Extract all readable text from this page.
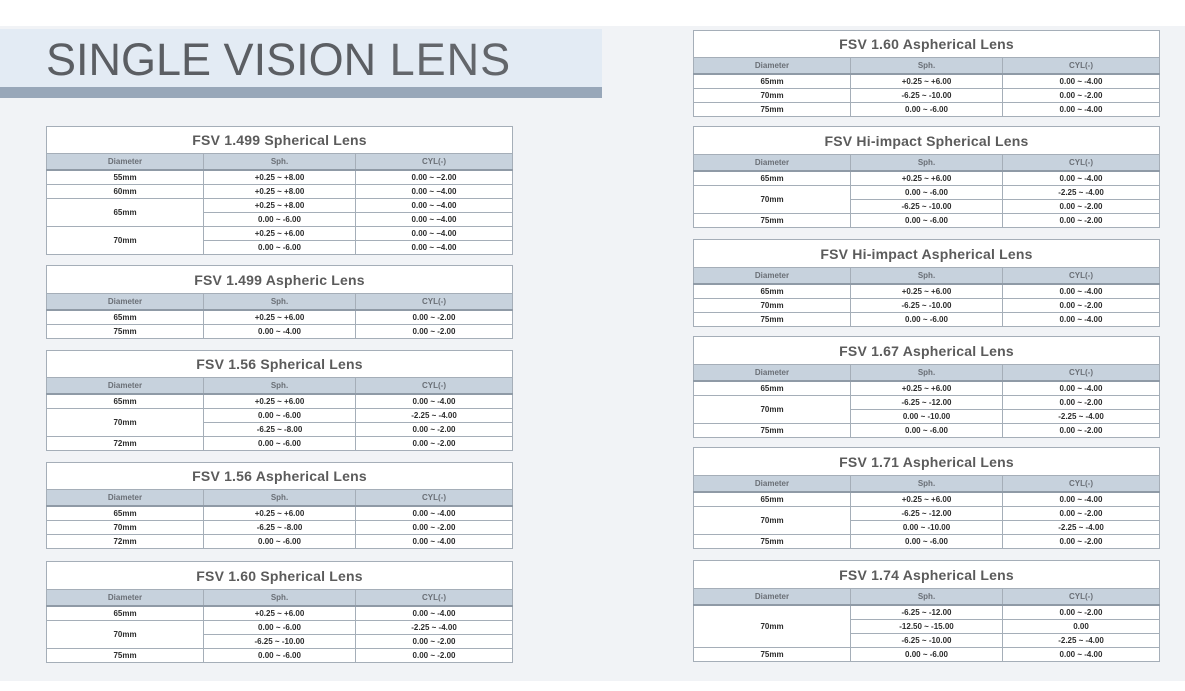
SINGLE VISION LENS
FSV 1.499 Spherical Lens		
Diameter	Sph.	CYL(-)
55mm	+0.25 ~ +8.00	0.00 ~ −2.00
60mm	+0.25 ~ +8.00	0.00 ~ −4.00
65mm	+0.25 ~ +8.00	0.00 ~ −4.00
	0.00 ~ -6.00	0.00 ~ −4.00
70mm	+0.25 ~ +6.00	0.00 ~ −4.00
	0.00 ~ -6.00	0.00 ~ −4.00
FSV 1.499 Aspheric Lens		
Diameter	Sph.	CYL(-)
65mm	+0.25 ~ +6.00	0.00 ~ -2.00
75mm	0.00 ~ -4.00	0.00 ~ -2.00
FSV 1.56 Spherical Lens		
Diameter	Sph.	CYL(-)
65mm	+0.25 ~ +6.00	0.00 ~ -4.00
70mm	0.00 ~ -6.00	-2.25 ~ -4.00
	-6.25 ~ -8.00	0.00 ~ -2.00
72mm	0.00 ~ -6.00	0.00 ~ -2.00
FSV 1.56 Aspherical Lens		
Diameter	Sph.	CYL(-)
65mm	+0.25 ~ +6.00	0.00 ~ -4.00
70mm	-6.25 ~ -8.00	0.00 ~ -2.00
72mm	0.00 ~ -6.00	0.00 ~ -4.00
FSV 1.60 Spherical Lens		
Diameter	Sph.	CYL(-)
65mm	+0.25 ~ +6.00	0.00 ~ -4.00
70mm	0.00 ~ -6.00	-2.25 ~ -4.00
	-6.25 ~ -10.00	0.00 ~ -2.00
75mm	0.00 ~ -6.00	0.00 ~ -2.00
FSV 1.60 Aspherical Lens		
Diameter	Sph.	CYL(-)
65mm	+0.25 ~ +6.00	0.00 ~ -4.00
70mm	-6.25 ~ -10.00	0.00 ~ -2.00
75mm	0.00 ~ -6.00	0.00 ~ -4.00
FSV Hi-impact Spherical Lens		
Diameter	Sph.	CYL(-)
65mm	+0.25 ~ +6.00	0.00 ~ -4.00
70mm	0.00 ~ -6.00	-2.25 ~ -4.00
	-6.25 ~ -10.00	0.00 ~ -2.00
75mm	0.00 ~ -6.00	0.00 ~ -2.00
FSV Hi-impact Aspherical Lens		
Diameter	Sph.	CYL(-)
65mm	+0.25 ~ +6.00	0.00 ~ -4.00
70mm	-6.25 ~ -10.00	0.00 ~ -2.00
75mm	0.00 ~ -6.00	0.00 ~ -4.00
FSV 1.67 Aspherical Lens		
Diameter	Sph.	CYL(-)
65mm	+0.25 ~ +6.00	0.00 ~ -4.00
70mm	-6.25 ~ -12.00	0.00 ~ -2.00
	0.00 ~ -10.00	-2.25 ~ -4.00
75mm	0.00 ~ -6.00	0.00 ~ -2.00
FSV 1.71 Aspherical Lens		
Diameter	Sph.	CYL(-)
65mm	+0.25 ~ +6.00	0.00 ~ -4.00
70mm	-6.25 ~ -12.00	0.00 ~ -2.00
	0.00 ~ -10.00	-2.25 ~ -4.00
75mm	0.00 ~ -6.00	0.00 ~ -2.00
FSV 1.74 Aspherical Lens		
Diameter	Sph.	CYL(-)
70mm	-6.25 ~ -12.00	0.00 ~ -2.00
	-12.50 ~ -15.00	0.00
	-6.25 ~ -10.00	-2.25 ~ -4.00
75mm	0.00 ~ -6.00	0.00 ~ -4.00
